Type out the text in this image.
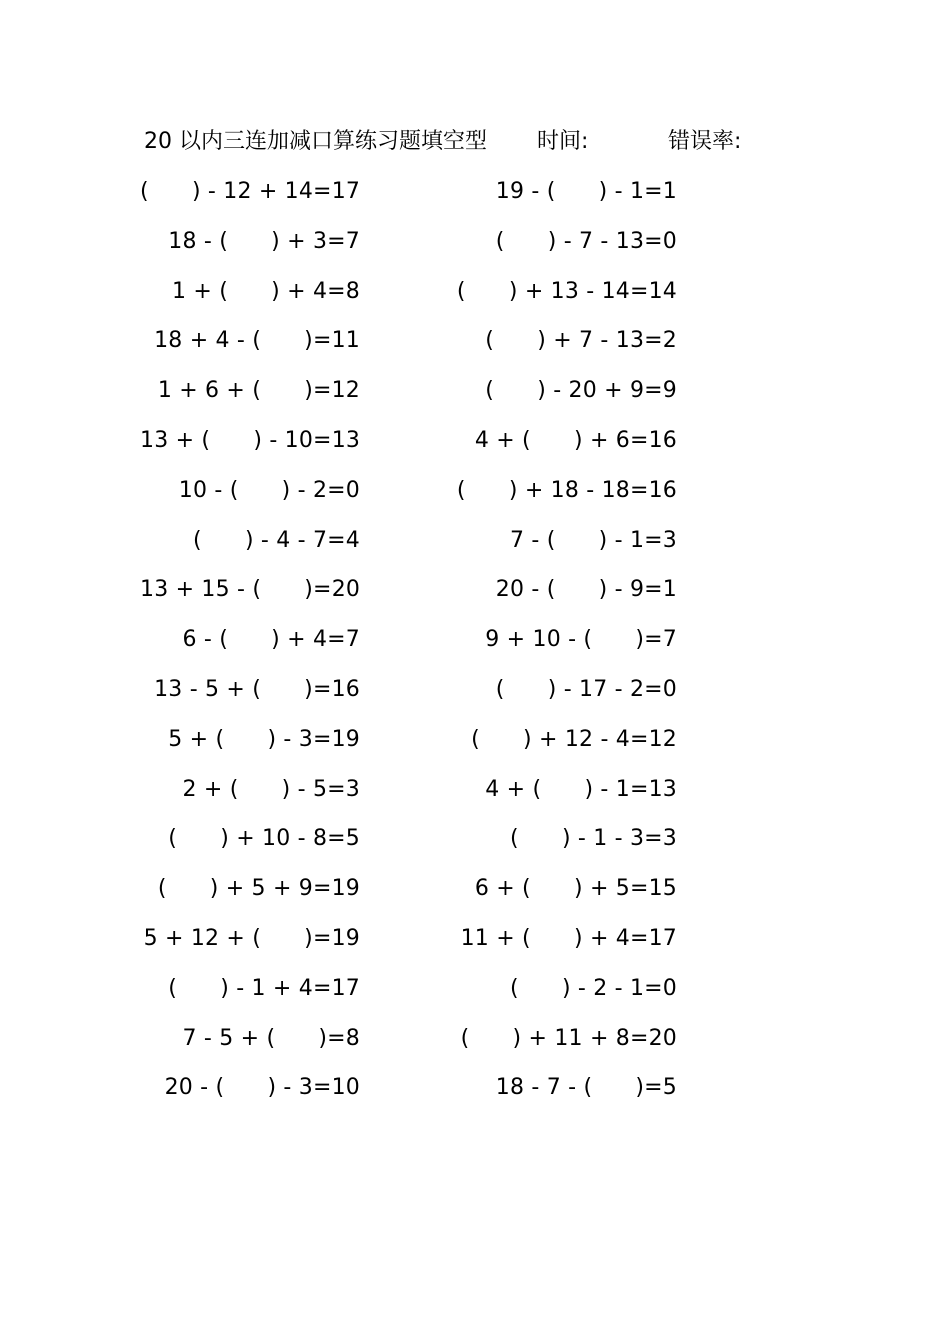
20 以内三连加减口算练习题填空型 时间:	错误率:
(      ) - 12 + 14=17
18 - (      ) + 3=7
1 + (      ) + 4=8
18 + 4 - (      )=11
1 + 6 + (      )=12
13 + (      ) - 10=13
10 - (      ) - 2=0
(      ) - 4 - 7=4
13 + 15 - (      )=20
6 - (      ) + 4=7
13 - 5 + (      )=16
5 + (      ) - 3=19
2 + (      ) - 5=3
(      ) + 10 - 8=5
(      ) + 5 + 9=19
5 + 12 + (      )=19
(      ) - 1 + 4=17
7 - 5 + (      )=8
20 - (      ) - 3=10
19 - (      ) - 1=1
(      ) - 7 - 13=0
(      ) + 13 - 14=14
(      ) + 7 - 13=2
(      ) - 20 + 9=9
4 + (      ) + 6=16
(      ) + 18 - 18=16
7 - (      ) - 1=3
20 - (      ) - 9=1
9 + 10 - (      )=7
(      ) - 17 - 2=0
(      ) + 12 - 4=12
4 + (      ) - 1=13
(      ) - 1 - 3=3
6 + (      ) + 5=15
11 + (      ) + 4=17
(      ) - 2 - 1=0
(      ) + 11 + 8=20
18 - 7 - (      )=5
